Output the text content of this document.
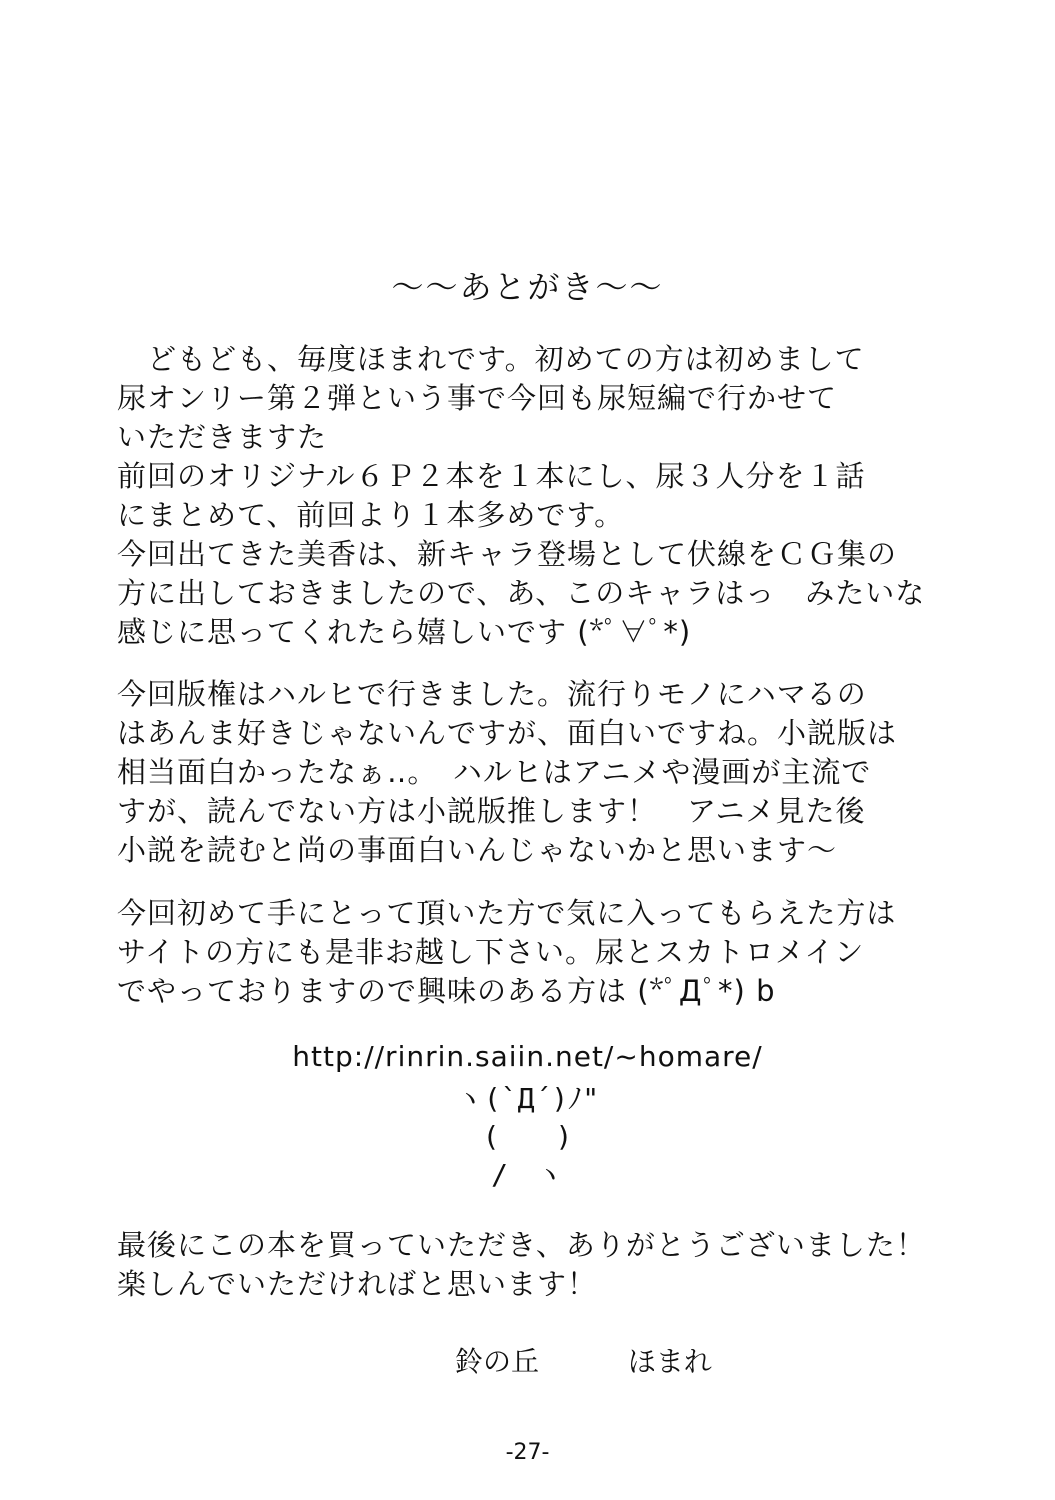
〜〜あとがき〜〜
どもども、毎度ほまれです。初めての方は初めまして
尿オンリー第２弾という事で今回も尿短編で行かせて
いただきますた
前回のオリジナル６Ｐ２本を１本にし、尿３人分を１話
にまとめて、前回より１本多めです。
今回出てきた美香は、新キャラ登場として伏線をＣＧ集の
方に出しておきましたので、あ、このキャラはっ　みたいな
感じに思ってくれたら嬉しいです (*ﾟ∀ﾟ*)
今回版権はハルヒで行きました。流行りモノにハマるの
はあんま好きじゃないんですが、面白いですね。小説版は
相当面白かったなぁ‥。　ハルヒはアニメや漫画が主流で
すが、読んでない方は小説版推します！　アニメ見た後
小説を読むと尚の事面白いんじゃないかと思います〜
今回初めて手にとって頂いた方で気に入ってもらえた方は
サイトの方にも是非お越し下さい。尿とスカトロメイン
でやっておりますので興味のある方は (*ﾟДﾟ*) b
http://rinrin.saiin.net/~homare/
ヽ(`Д´)ﾉ"
(　　)
/　ヽ
最後にこの本を買っていただき、ありがとうございました！
楽しんでいただければと思います！
鈴の丘	ほまれ
-27-
